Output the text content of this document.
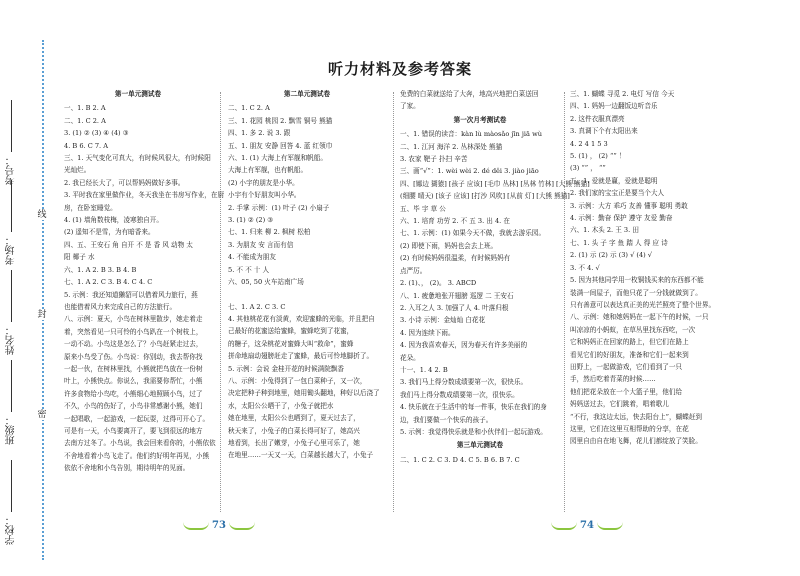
考号：
考场：
姓名：
班级：
学校：
线
封
密
听力材料及参考答案
第一单元测试卷
一、1. B 2. A
二、1. C 2. A
3. (1) ② (3) ④ (4) ③
4. B 6. C 7. A
三、1. 天气变化可真大，有时候风很大，有时候阳
光灿烂。
2. 我已经长大了，可以帮妈妈做好多事。
3. 平时我在家里做作业，冬天我坐在书房写作业，在厨
房，在卧室睡觉。
4. (1) 墙角数枝梅，凌寒独自开。
(2) 遥知不是雪，为有暗香来。
四、五、王安石 角 自开 不 是 香 风 动物 太
阳 椰子 水
六、1. A 2. B 3. B 4. B
七、1. A 2. C 3. B 4. C 4. C
5. 示例：我还知道獭貂可以借着风力旅行，燕
也能借着风力来完成自己的方法旅行。
八、示例：夏天，小鸟在树林里散步，她走着走
着，突然看见一只可怜的小鸟趴在一个树枝上，
一动不动。小鸟这是怎么了？小鸟赶紧走过去，
原来小鸟受了伤。小鸟说：你别动，我去帮你找
一起一伙，在树林里找，小熊就把鸟放在一份树
叶上，小熊快点。你说么，我需要你帮忙，小熊
许多食物给小鸟吃，小熊细心地照顾小鸟，过了
不久，小鸟的伤好了，小鸟非常感谢小熊，她们
一起唱歌，一起游戏，一起玩耍，过得可开心了。
可是有一天，小鸟要离开了，要飞到很远的地方
去南方过冬了。小鸟说，我会回来看你的，小熊依依
不舍地看着小鸟飞走了。他们约好明年再见，小熊
依依不舍地和小鸟告别，期待明年的见面。
第二单元测试卷
二、1. C 2. A
三、1. 花园 桃园 2. 飘雪 铜号 熊猫
四、1. 多 2. 说 3. 跟
五、1. 朋友 安静 回答 4. 蓝 红领巾
六、1. (1) 大海上有军舰和帆船。
大海上有军舰，也有帆船。
(2) 小宇的朋友是小华。
小宇有个好朋友叫小华。
2. 手掌 示例：(1) 叶子 (2) 小扇子
3. (1) ② (2) ③
七、1. 归来 柳 2. 枫树 松柏
3. 为朋友 安 言而有信
4. 不能成为朋友
5. 不 不 十 人
六、05, 50 火车站南广场
七、1. A 2. C 3. C
4. 其他桃花花有淡黄，欢迎蜜蜂的光临，并且把自
己最好的花蜜送给蜜蜂，蜜蜂吃到了花蜜，
的糖子，这朵桃花对蜜蜂大叫“救命”，蜜蜂
拼命地扇动翅膀赶走了蜜蜂，最后可怜地脚折了。
5. 示例：会说 金桂开花的时候满院飘香
八、示例：小兔得到了一包白菜种子，又一次，
决定把种子种到地里，她用锄头翻地，种好以后浇了
水，太阳公公晒干了，小兔子就把水
她在地里，太阳公公也晒到了，夏天过去了，
秋天来了，小兔子的白菜长得可好了，她高兴
地看到，长出了嫩芽，小兔子心里可乐了，她
在地里……一天又一天，白菜越长越大了，小兔子
免费的白菜就送给了大奔，地高兴地把白菜送回
了家。
第一次月考测试卷
一、1. 错误的读音：kàn lù màosǎo jīn jiā wù
二、1. 江河 海洋 2. 丛林深处 熊猫
3. 农家 靶子 扑扫 辛苦
三、画“√”：1. wèi wèi 2. dé děi 3. jiào jiāo
四、[娜边 猢猿] [孩子 应该] [毛巾 丛林] [丛林 竹林] [大熊 熊猫]
(细腰 晴天) [该子 应该] [打沙 风吹] [从前 灯] [大熊 熊猫]
五、毕 宇 草 公
六、1. 培育 功劳 2. 不 五 3. 出 4. 在
七、1. 示例：(1) 如果今天不做，我就去游乐园。
(2) 即使下雨，妈妈也会去上班。
(2) 有时候妈妈很温柔，有时候妈妈有
点严厉。
2. (1)、， (2)。 3. ABCD
八、1. 疲惫地张开翅膀 巡逻 二 王安石
2. 入耳之人 3. 加强了人 4. 叶落归根
3. 小诗 示例：金灿灿 白花花
4. 因为连续下雨。
4. 因为我喜欢春天，因为春天有许多美丽的
花朵。
十一、1. 4 2. B
3. 我们马上得分数成绩要第一次，很快乐。
我们马上得分数成绩要第一次，很快乐。
4. 快乐就在于生活中的每一件事，快乐在我们的身
边，我们要做一个快乐的孩子。
5. 示例：我觉得快乐就是和小伙伴们一起玩游戏。
第三单元测试卷
二、1. C 2. C 3. D 4. C 5. B 6. B 7. C
三、1. 蝴蝶 寻觅 2. 电灯 写信 今天
四、1. 妈妈一边翻饭边听音乐
2. 这件衣服真漂亮
3. 真调下个有太阳出来
4. 2 4 1 5 3
5. (1) ， (2) “” ！
(3) “” ， “”
五、1. 爱就是赢，爱就是聪明
2. 我们家的宝宝正是要当个大人
3. 示例：大方 乖巧 友善 懂事 聪明 勇敢
4. 示例：勤奋 保护 遵守 友爱 勤奋
六、1. 木头 2. 王 3. 田
七、1. 头 子 字 鱼 踏 人 得 应 诗
2. (1) 示 (2) 示 (3) √ (4) √
3. 不 4. √
5. 因为其他同学用一枚铜钱买来的东西都不能
装满一间屋子，而他只花了一分钱就做到了。
只有善意可以表达真正美的光芒照亮了整个世界。
八、示例：她和她妈妈在一起下午的时候，一只
叫凉凉的小蚂蚁，在草丛里找东西吃，一次
它和妈妈正在回家的路上，但它们在路上
看见它们的好朋友，准备和它们一起来到
田野上，一起做游戏，它们看到了一只
手，然后吃着青菜的时候……
他们把花朵放在一个大篮子里，他们给
妈妈送过去，它们跳着，唱着歌儿
“不行，我这边太远，快去阳台上”，蝴蝶赶到
这里，它们在这里互相帮助的分享，在花
园里自由自在地飞舞，花儿们都绽放了笑脸。
73	74
